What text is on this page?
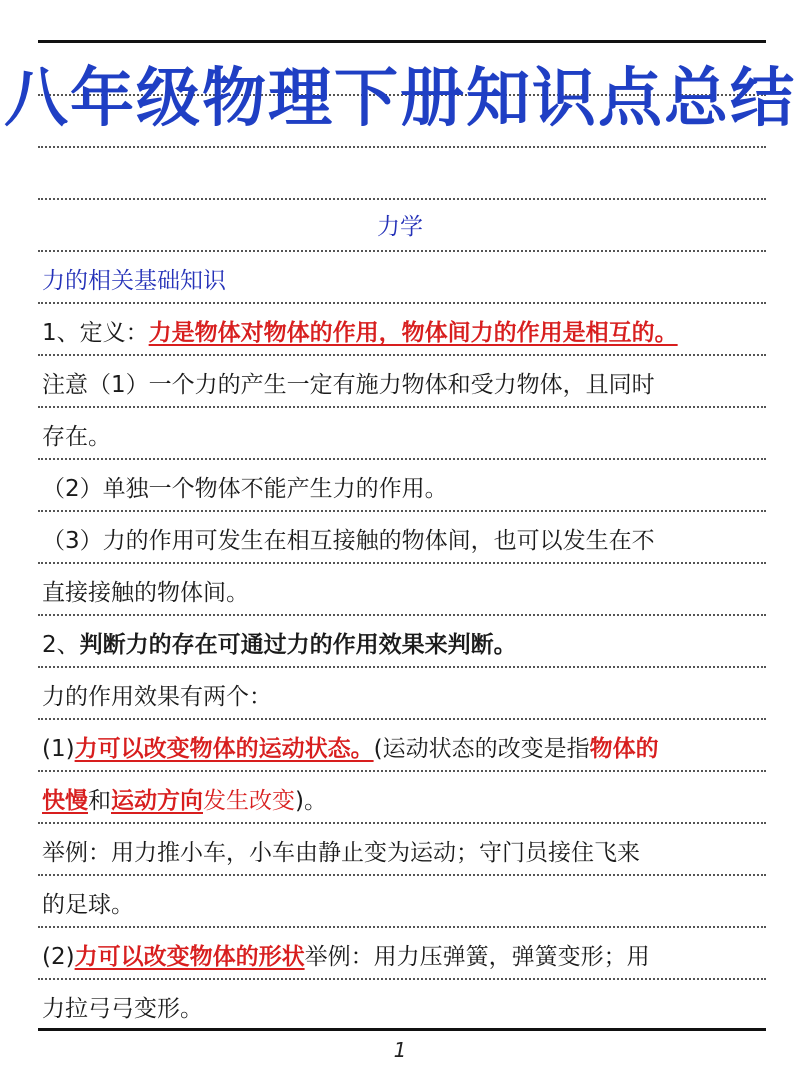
八年级物理下册知识点总结
力学
力的相关基础知识
1、定义：力是物体对物体的作用，物体间力的作用是相互的。
注意（1）一个力的产生一定有施力物体和受力物体，且同时
存在。
（2）单独一个物体不能产生力的作用。
（3）力的作用可发生在相互接触的物体间，也可以发生在不
直接接触的物体间。
2、判断力的存在可通过力的作用效果来判断。
力的作用效果有两个：
(1)力可以改变物体的运动状态。(运动状态的改变是指物体的
快慢和运动方向发生改变)。
举例：用力推小车，小车由静止变为运动；守门员接住飞来
的足球。
(2)力可以改变物体的形状举例：用力压弹簧，弹簧变形；用
力拉弓弓变形。
1
